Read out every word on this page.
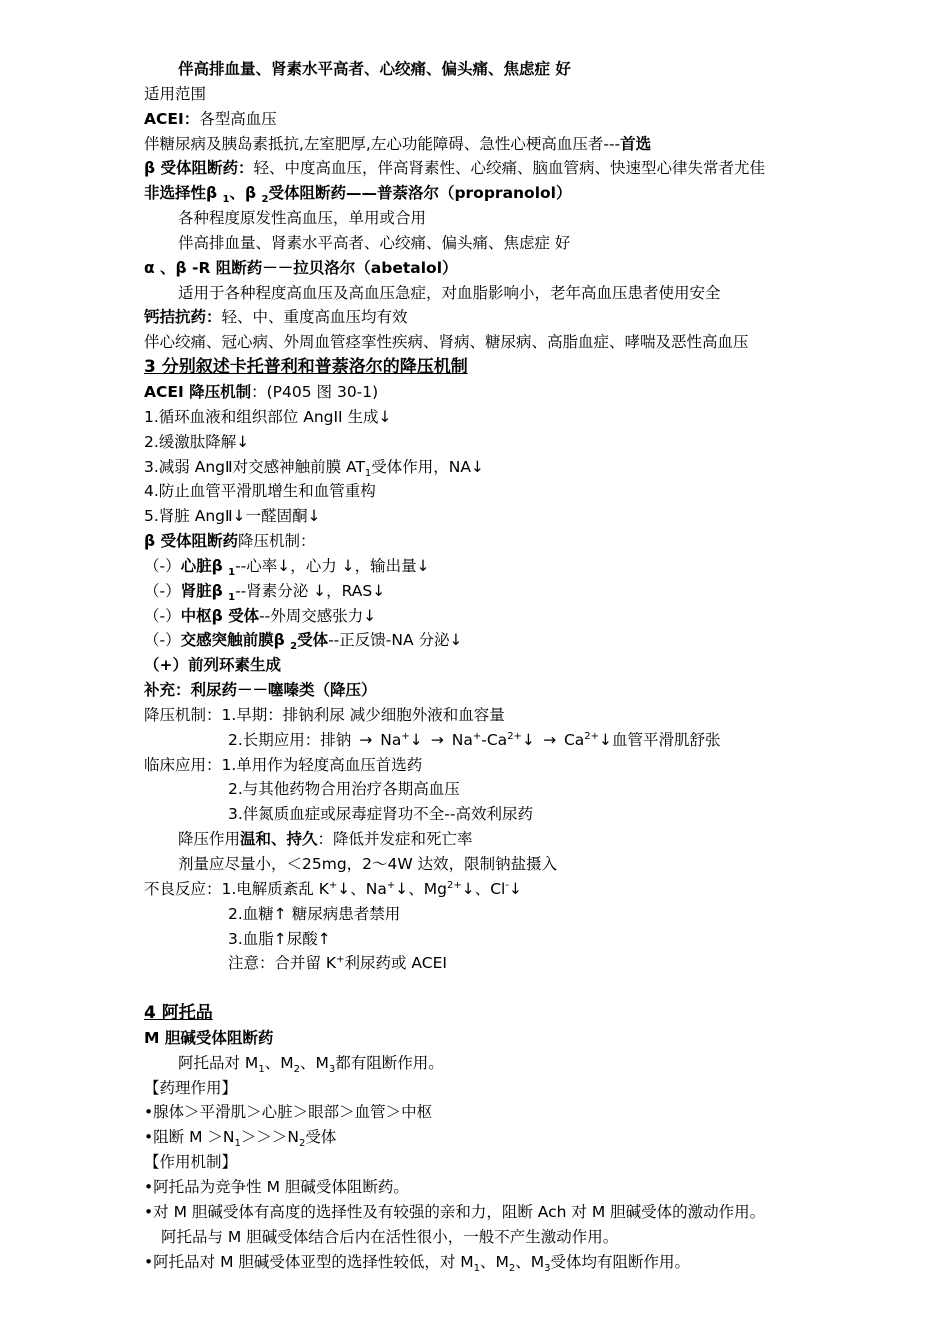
伴高排血量、肾素水平高者、心绞痛、偏头痛、焦虑症 好
适用范围
ACEI：各型高血压
伴糖尿病及胰岛素抵抗,左室肥厚,左心功能障碍、急性心梗高血压者---首选
β 受体阻断药：轻、中度高血压，伴高肾素性、心绞痛、脑血管病、快速型心律失常者尤佳
非选择性β $_1$、β $_2$受体阻断药——普萘洛尔（propranolol）
各种程度原发性高血压，单用或合用
伴高排血量、肾素水平高者、心绞痛、偏头痛、焦虑症 好
α 、β -R 阻断药－－拉贝洛尔（abetalol）
适用于各种程度高血压及高血压急症，对血脂影响小，老年高血压患者使用安全
钙拮抗药：轻、中、重度高血压均有效
伴心绞痛、冠心病、外周血管痉挛性疾病、肾病、糖尿病、高脂血症、哮喘及恶性高血压
3 分别叙述卡托普利和普萘洛尔的降压机制
ACEI 降压机制：(P405 图 30-1)
1.循环血液和组织部位 AngII 生成↓
2.缓激肽降解↓
3.减弱 AngⅡ对交感神触前膜 $AT_1$受体作用，NA↓
4.防止血管平滑肌增生和血管重构
5.肾脏 AngⅡ↓一醛固酮↓
β 受体阻断药降压机制：
（-）心脏β $_1$--心率↓，心力 ↓，输出量↓
（-）肾脏β $_1$--肾素分泌 ↓，RAS↓
（-）中枢β 受体--外周交感张力↓
（-）交感突触前膜β $_2$受体--正反馈-NA 分泌↓
（+）前列环素生成
补充：利尿药－－噻嗪类（降压）
降压机制：1.早期：排钠利尿 减少细胞外液和血容量
2.长期应用：排钠 → Na+↓ → $Na^+-Ca^{2+}↓$ → $Ca^{2+}↓$血管平滑肌舒张
临床应用：1.单用作为轻度高血压首选药
2.与其他药物合用治疗各期高血压
3.伴氮质血症或尿毒症肾功不全--高效利尿药
降压作用温和、持久：降低并发症和死亡率
剂量应尽量小，＜25mg，2～4W 达效，限制钠盐摄入
不良反应：1.电解质紊乱 K+↓、Na+↓、$Mg^{2+}↓$、Cl-↓
2.血糖↑ 糖尿病患者禁用
3.血脂↑尿酸↑
注意：合并留 K+利尿药或 ACEI
4 阿托品
M 胆碱受体阻断药
阿托品对 $M_1$、$M_2$、$M_3$都有阻断作用。
【药理作用】
•腺体＞平滑肌＞心脏＞眼部＞血管＞中枢
•阻断 $M >N_1>>>N_2$受体
【作用机制】
•阿托品为竞争性 M 胆碱受体阻断药。
•对 M 胆碱受体有高度的选择性及有较强的亲和力，阻断 Ach 对 M 胆碱受体的激动作用。
阿托品与 M 胆碱受体结合后内在活性很小，一般不产生激动作用。
•阿托品对 M 胆碱受体亚型的选择性较低，对 $M_1$、$M_2$、$M_3$受体均有阻断作用。
